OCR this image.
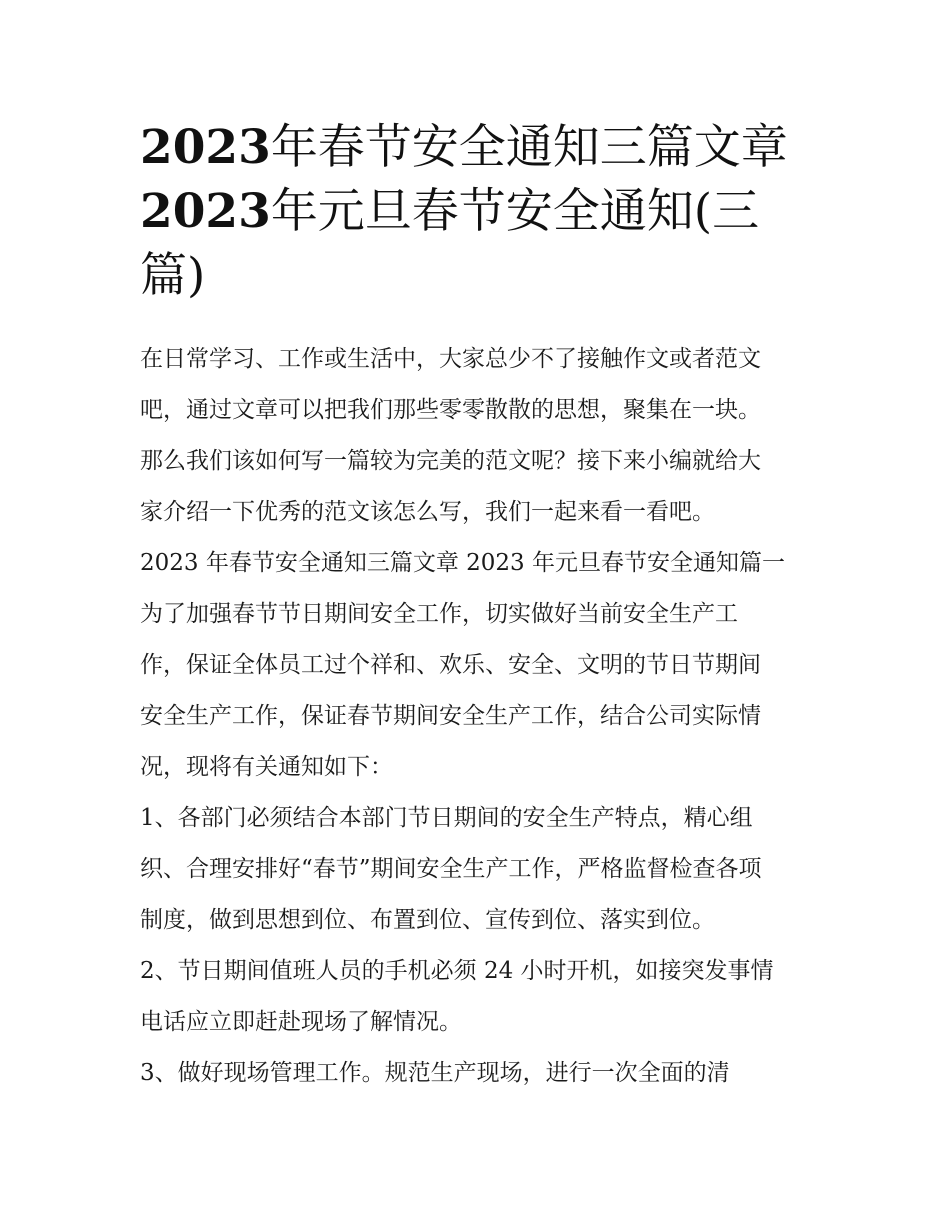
2023年春节安全通知三篇文章
2023年元旦春节安全通知(三
篇)
在日常学习、工作或生活中，大家总少不了接触作文或者范文
吧，通过文章可以把我们那些零零散散的思想，聚集在一块。
那么我们该如何写一篇较为完美的范文呢？接下来小编就给大
家介绍一下优秀的范文该怎么写，我们一起来看一看吧。
2023 年春节安全通知三篇文章 2023 年元旦春节安全通知篇一
为了加强春节节日期间安全工作，切实做好当前安全生产工
作，保证全体员工过个祥和、欢乐、安全、文明的节日节期间
安全生产工作，保证春节期间安全生产工作，结合公司实际情
况，现将有关通知如下：
1、各部门必须结合本部门节日期间的安全生产特点，精心组
织、合理安排好“春节”期间安全生产工作，严格监督检查各项
制度，做到思想到位、布置到位、宣传到位、落实到位。
2、节日期间值班人员的手机必须 24 小时开机，如接突发事情
电话应立即赶赴现场了解情况。
3、做好现场管理工作。规范生产现场，进行一次全面的清
